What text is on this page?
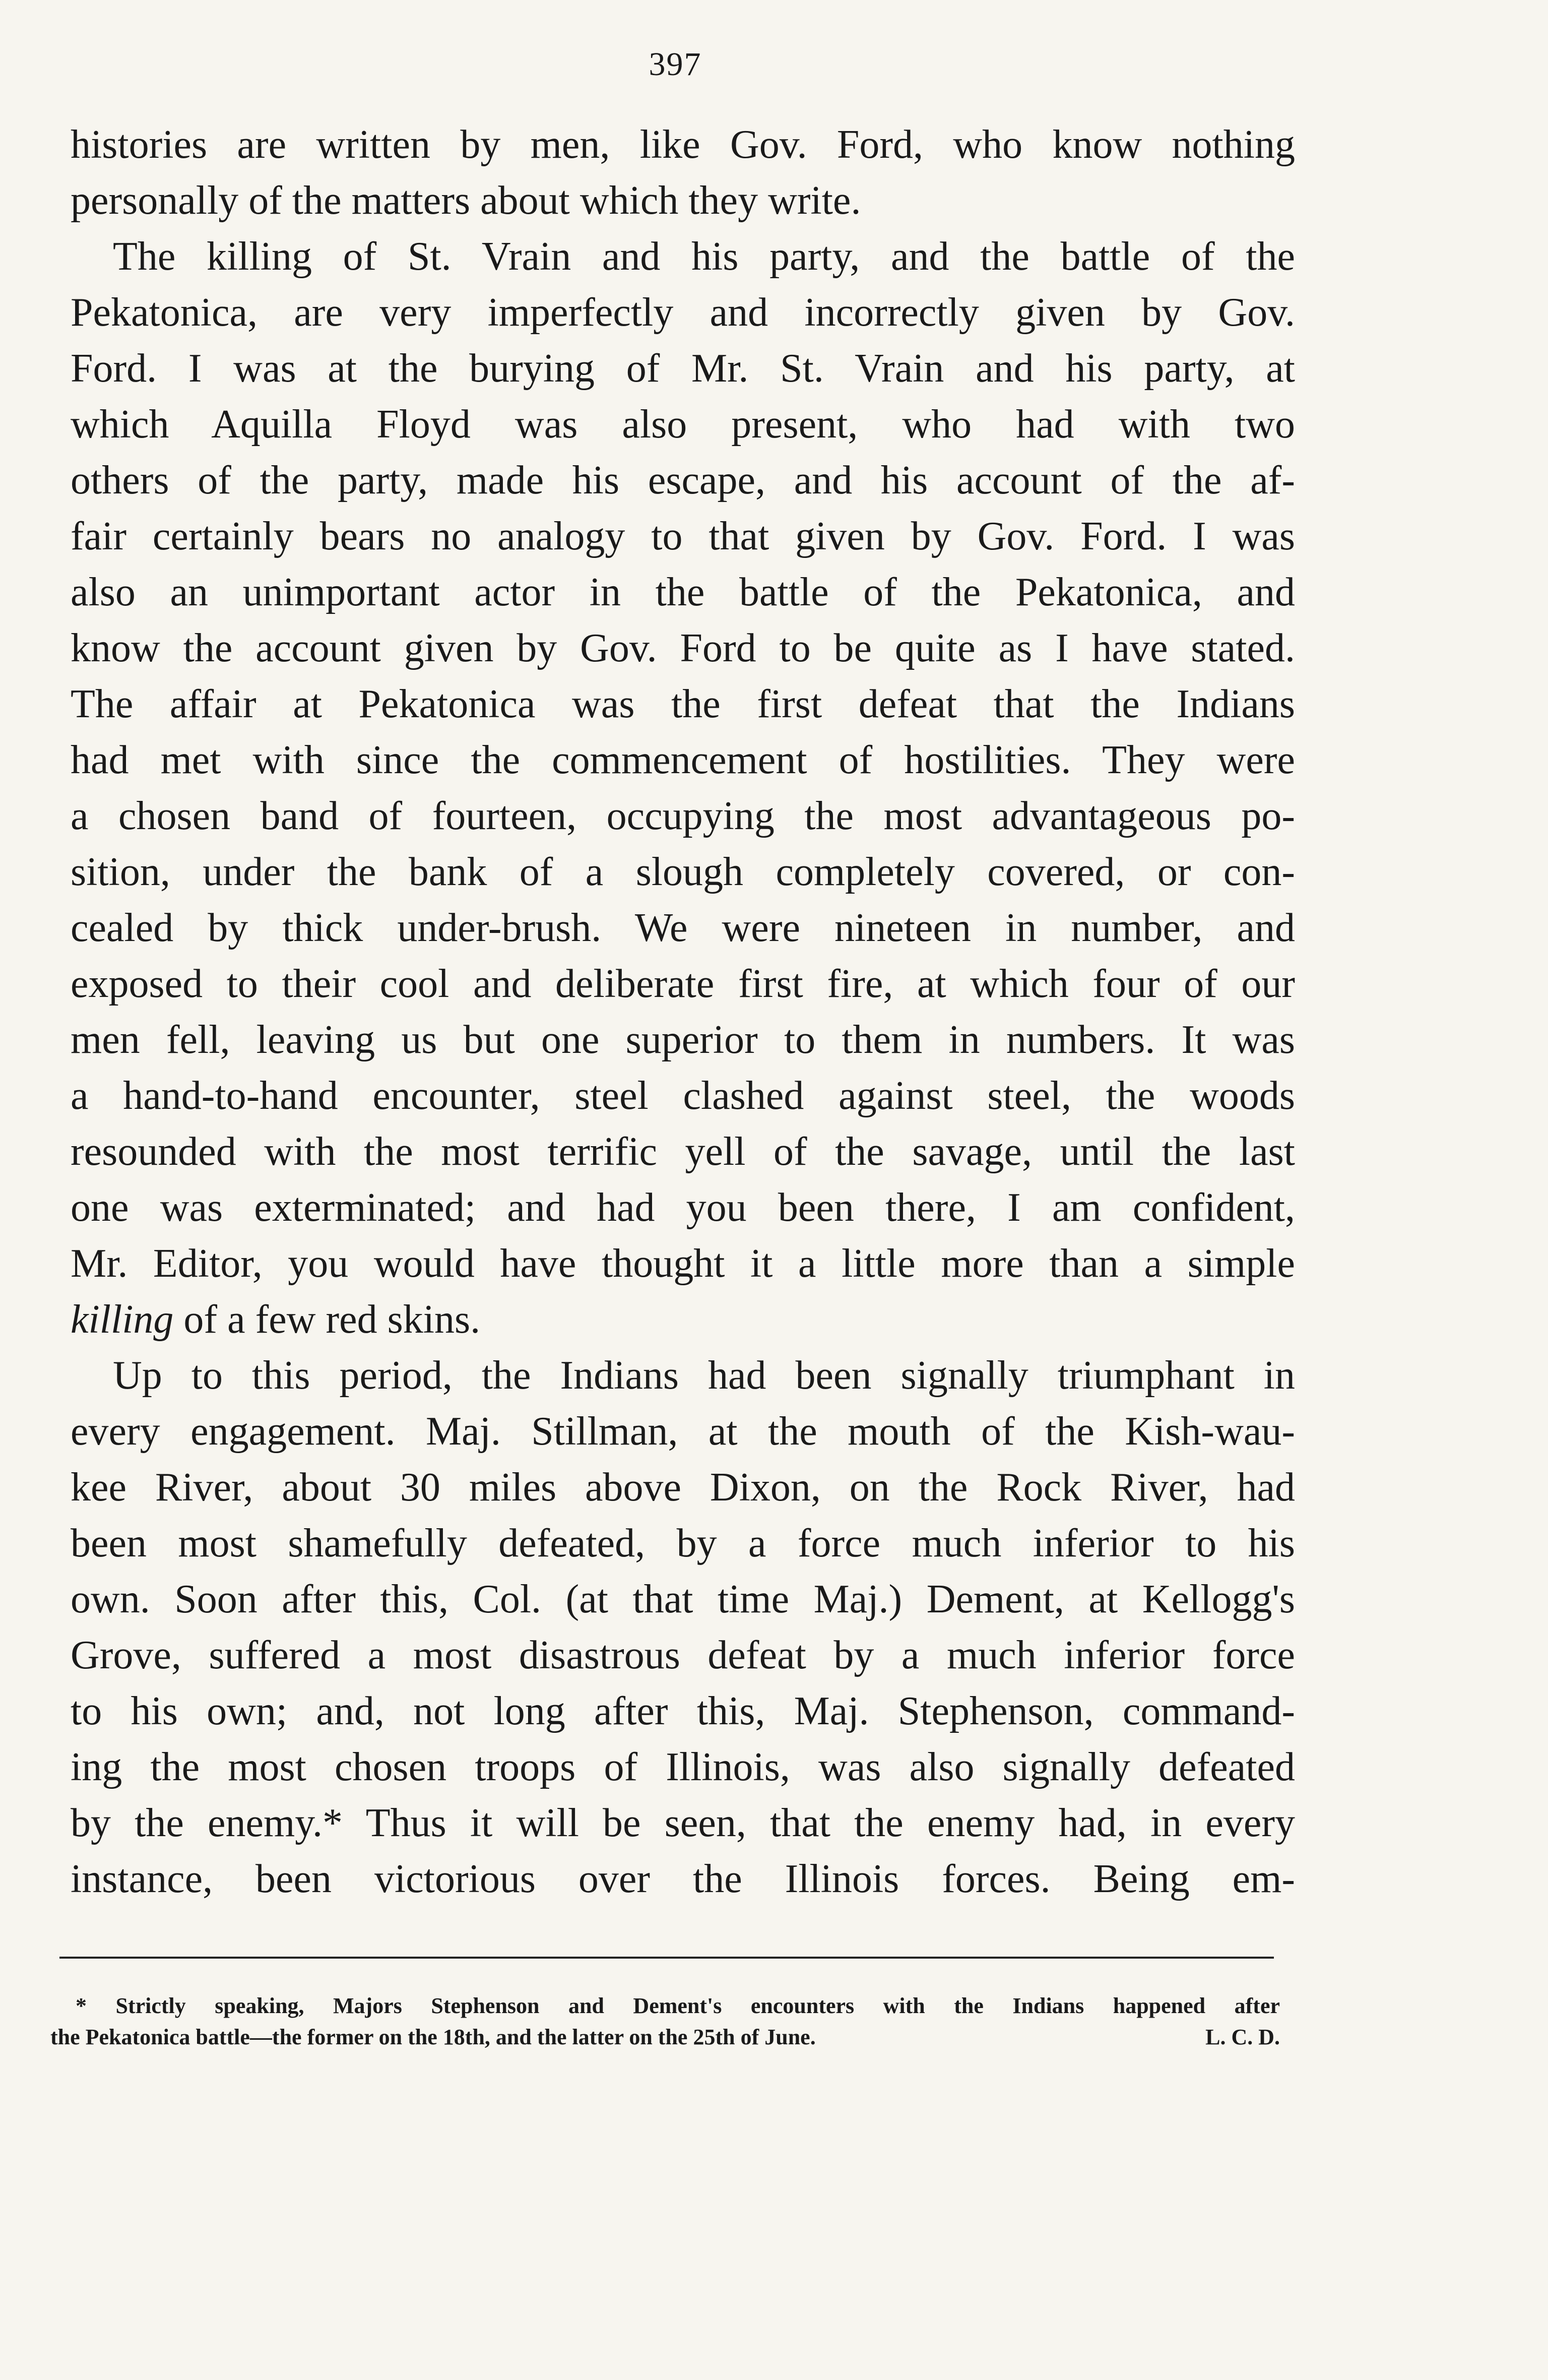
397
histories are written by men, like Gov. Ford, who know nothing
personally of the matters about which they write.
The killing of St. Vrain and his party, and the battle of the
Pekatonica, are very imperfectly and incorrectly given by Gov.
Ford. I was at the burying of Mr. St. Vrain and his party, at
which Aquilla Floyd was also present, who had with two
others of the party, made his escape, and his account of the af-
fair certainly bears no analogy to that given by Gov. Ford. I was
also an unimportant actor in the battle of the Pekatonica, and
know the account given by Gov. Ford to be quite as I have stated.
The affair at Pekatonica was the first defeat that the Indians
had met with since the commencement of hostilities. They were
a chosen band of fourteen, occupying the most advantageous po-
sition, under the bank of a slough completely covered, or con-
cealed by thick under-brush. We were nineteen in number, and
exposed to their cool and deliberate first fire, at which four of our
men fell, leaving us but one superior to them in numbers. It was
a hand-to-hand encounter, steel clashed against steel, the woods
resounded with the most terrific yell of the savage, until the last
one was exterminated; and had you been there, I am confident,
Mr. Editor, you would have thought it a little more than a simple
killing of a few red skins.
Up to this period, the Indians had been signally triumphant in
every engagement. Maj. Stillman, at the mouth of the Kish-wau-
kee River, about 30 miles above Dixon, on the Rock River, had
been most shamefully defeated, by a force much inferior to his
own. Soon after this, Col. (at that time Maj.) Dement, at Kellogg's
Grove, suffered a most disastrous defeat by a much inferior force
to his own; and, not long after this, Maj. Stephenson, command-
ing the most chosen troops of Illinois, was also signally defeated
by the enemy.* Thus it will be seen, that the enemy had, in every
instance, been victorious over the Illinois forces. Being em-
* Strictly speaking, Majors Stephenson and Dement's encounters with the Indians happened after
the Pekatonica battle—the former on the 18th, and the latter on the 25th of June.	L. C. D.
